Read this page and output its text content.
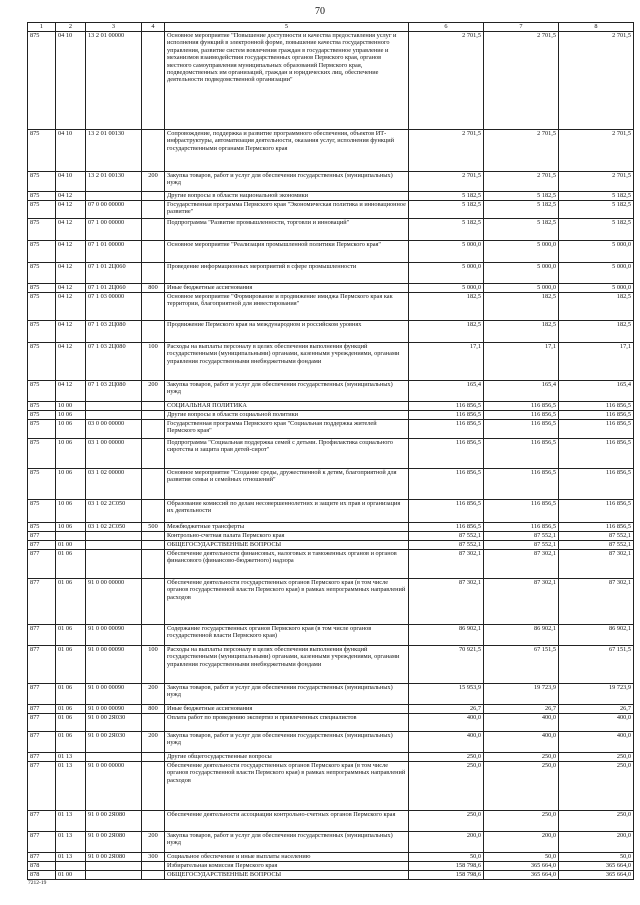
70
1	2	3	4	5	6	7	8
875	04 10	13 2 01 00000		Основное мероприятие "Повышение доступности и качества предоставления услуг и исполнения функций в электронной форме, повышение качества государственного управления, развитие систем вовлечения граждан в государственное управление и механизмов взаимодействия государственных органов Пермского края, органов местного самоуправления муниципальных образований Пермского края, подведомственных им организаций, граждан и юридических лиц, обеспечение деятельности подведомственной организации"	2 701,5	2 701,5	2 701,5
875	04 10	13 2 01 00130		Сопровождение, поддержка и развитие программного обеспечения, объектов ИТ-инфраструктуры, автоматизация деятельности, оказания услуг, исполнения функций государственными органами Пермского края	2 701,5	2 701,5	2 701,5
875	04 10	13 2 01 00130	200	Закупка товаров, работ и услуг для обеспечения государственных (муниципальных) нужд	2 701,5	2 701,5	2 701,5
875	04 12			Другие вопросы в области национальной экономики	5 182,5	5 182,5	5 182,5
875	04 12	07 0 00 00000		Государственная программа Пермского края "Экономическая политика и инновационное развитие"	5 182,5	5 182,5	5 182,5
875	04 12	07 1 00 00000		Подпрограмма "Развитие промышленности, торговли и инноваций"	5 182,5	5 182,5	5 182,5
875	04 12	07 1 01 00000		Основное мероприятие "Реализация промышленной политики Пермского края"	5 000,0	5 000,0	5 000,0
875	04 12	07 1 01 2Ц060		Проведение информационных мероприятий в сфере промышленности	5 000,0	5 000,0	5 000,0
875	04 12	07 1 01 2Ц060	800	Иные бюджетные ассигнования	5 000,0	5 000,0	5 000,0
875	04 12	07 1 03 00000		Основное мероприятие "Формирование и продвижение имиджа Пермского края как территории, благоприятной для инвестирования"	182,5	182,5	182,5
875	04 12	07 1 03 2Ц080		Продвижение Пермского края на международном и российском уровнях	182,5	182,5	182,5
875	04 12	07 1 03 2Ц080	100	Расходы на выплаты персоналу в целях обеспечения выполнения функций государственными (муниципальными) органами, казенными учреждениями, органами управления государственными внебюджетными фондами	17,1	17,1	17,1
875	04 12	07 1 03 2Ц080	200	Закупка товаров, работ и услуг для обеспечения государственных (муниципальных) нужд	165,4	165,4	165,4
875	10 00			СОЦИАЛЬНАЯ ПОЛИТИКА	116 856,5	116 856,5	116 856,5
875	10 06			Другие вопросы в области социальной политики	116 856,5	116 856,5	116 856,5
875	10 06	03 0 00 00000		Государственная программа Пермского края "Социальная поддержка жителей Пермского края"	116 856,5	116 856,5	116 856,5
875	10 06	03 1 00 00000		Подпрограмма "Социальная поддержка семей с детьми. Профилактика социального сиротства и защита прав детей-сирот"	116 856,5	116 856,5	116 856,5
875	10 06	03 1 02 00000		Основное мероприятие "Создание среды, дружественной к детям, благоприятной для развития семьи и семейных отношений"	116 856,5	116 856,5	116 856,5
875	10 06	03 1 02 2С050		Образование комиссий по делам несовершеннолетних и защите их прав и организация их деятельности	116 856,5	116 856,5	116 856,5
875	10 06	03 1 02 2С050	500	Межбюджетные трансферты	116 856,5	116 856,5	116 856,5
877				Контрольно-счетная палата Пермского края	87 552,1	87 552,1	87 552,1
877	01 00			ОБЩЕГОСУДАРСТВЕННЫЕ ВОПРОСЫ	87 552,1	87 552,1	87 552,1
877	01 06			Обеспечение деятельности финансовых, налоговых и таможенных органов и органов финансового (финансово-бюджетного) надзора	87 302,1	87 302,1	87 302,1
877	01 06	91 0 00 00000		Обеспечение деятельности государственных органов Пермского края (в том числе органов государственной власти Пермского края) в рамках непрограммных направлений расходов	87 302,1	87 302,1	87 302,1
877	01 06	91 0 00 00090		Содержание государственных органов Пермского края (в том числе органов государственной власти Пермского края)	86 902,1	86 902,1	86 902,1
877	01 06	91 0 00 00090	100	Расходы на выплаты персоналу в целях обеспечения выполнения функций государственными (муниципальными) органами, казенными учреждениями, органами управления государственными внебюджетными фондами	70 921,5	67 151,5	67 151,5
877	01 06	91 0 00 00090	200	Закупка товаров, работ и услуг для обеспечения государственных (муниципальных) нужд	15 953,9	19 723,9	19 723,9
877	01 06	91 0 00 00090	800	Иные бюджетные ассигнования	26,7	26,7	26,7
877	01 06	91 0 00 2Я030		Оплата работ по проведению экспертиз и привлеченных специалистов	400,0	400,0	400,0
877	01 06	91 0 00 2Я030	200	Закупка товаров, работ и услуг для обеспечения государственных (муниципальных) нужд	400,0	400,0	400,0
877	01 13			Другие общегосударственные вопросы	250,0	250,0	250,0
877	01 13	91 0 00 00000		Обеспечение деятельности государственных органов Пермского края (в том числе органов государственной власти Пермского края) в рамках непрограммных направлений расходов	250,0	250,0	250,0
877	01 13	91 0 00 2Я080		Обеспечение деятельности ассоциации контрольно-счетных органов Пермского края	250,0	250,0	250,0
877	01 13	91 0 00 2Я080	200	Закупка товаров, работ и услуг для обеспечения государственных (муниципальных) нужд	200,0	200,0	200,0
877	01 13	91 0 00 2Я080	300	Социальное обеспечение и иные выплаты населению	50,0	50,0	50,0
878				Избирательная комиссия Пермского края	158 798,6	365 664,0	365 664,0
878	01 00			ОБЩЕГОСУДАРСТВЕННЫЕ ВОПРОСЫ	158 798,6	365 664,0	365 664,0
7212-19
